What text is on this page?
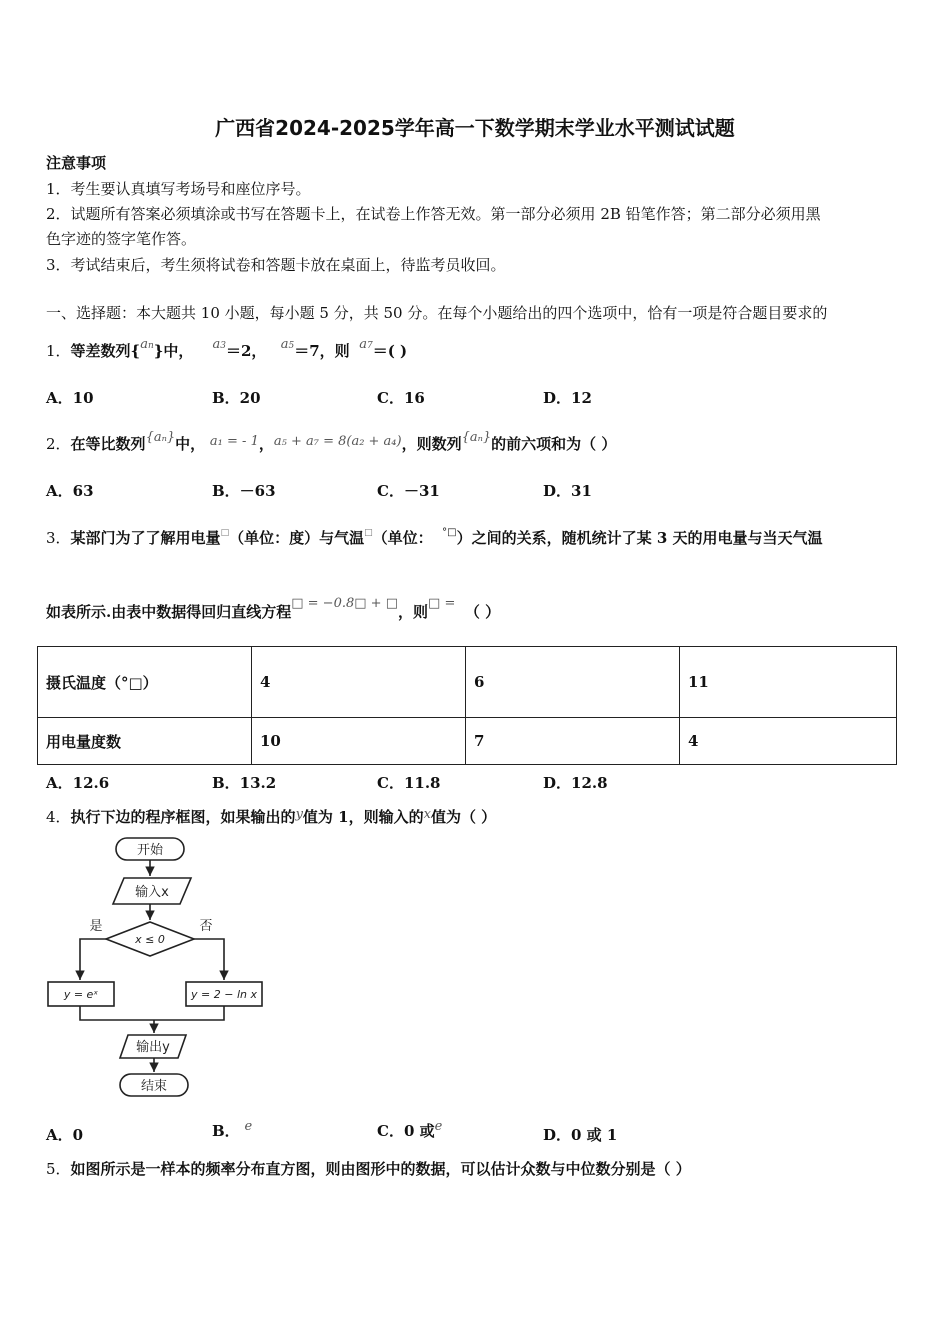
广西省2024-2025学年高一下数学期末学业水平测试试题
注意事项
1．考生要认真填写考场号和座位序号。
2．试题所有答案必须填涂或书写在答题卡上，在试卷上作答无效。第一部分必须用 2B 铅笔作答；第二部分必须用黑
色字迹的签字笔作答。
3．考试结束后，考生须将试卷和答题卡放在桌面上，待监考员收回。
一、选择题：本大题共 10 小题，每小题 5 分，共 50 分。在每个小题给出的四个选项中，恰有一项是符合题目要求的
1．等差数列{an}中， a3＝2， a5＝7，则 a7＝( )
A．10	B．20	C．16	D．12
2．在等比数列{aₙ}中， a₁ = - 1，a₅ + a₇ = 8(a₂ + a₄)，则数列{aₙ}的前六项和为（ ）
A．63	B．－63	C．－31	D．31
3．某部门为了了解用电量□（单位：度）与气温□（单位： °□）之间的关系，随机统计了某 3 天的用电量与当天气温
如表所示.由表中数据得回归直线方程□ = −0.8□ + □，则□ = （ ）
摄氏温度（°□）	4	6	11
用电量度数	10	7	4
A．12.6	B．13.2	C．11.8	D．12.8
4．执行下边的程序框图，如果输出的y值为 1，则输入的x值为（ ）
开始
输入x
是	否
x ≤ 0
y = eˣ	y = 2 − ln x
输出y
结束
A．0	B． e	C．0 或e	D．0 或 1
5．如图所示是一样本的频率分布直方图，则由图形中的数据，可以估计众数与中位数分别是（ ）
